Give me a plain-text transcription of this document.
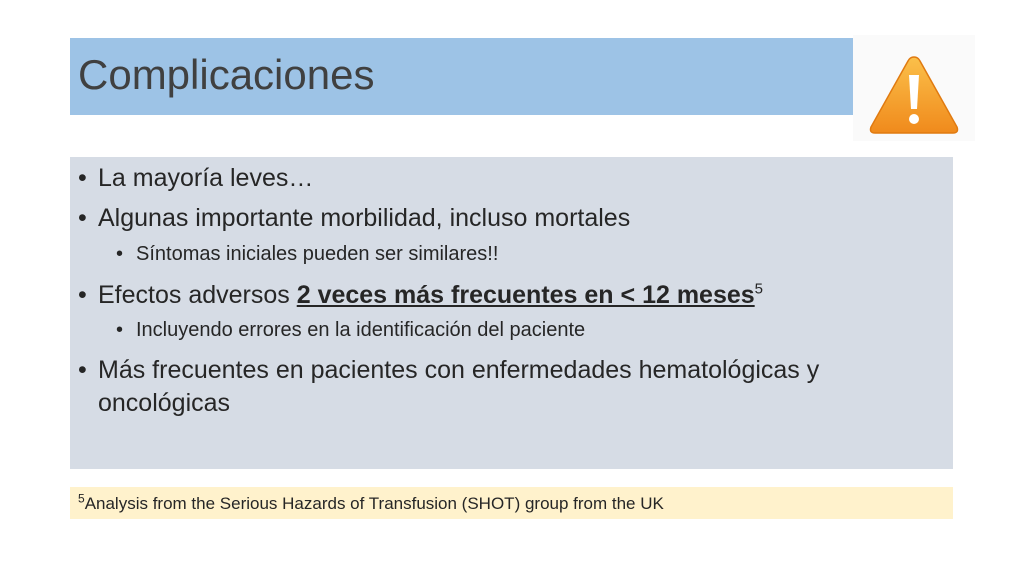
Complicaciones
• La mayoría leves…
• Algunas importante morbilidad, incluso mortales
• Síntomas iniciales pueden ser similares!!
• Efectos adversos 2 veces más frecuentes en < 12 meses$^5$
• Incluyendo errores en la identificación del paciente
• Más frecuentes en pacientes con enfermedades hematológicas y oncológicas
$^5$Analysis from the Serious Hazards of Transfusion (SHOT) group from the UK
